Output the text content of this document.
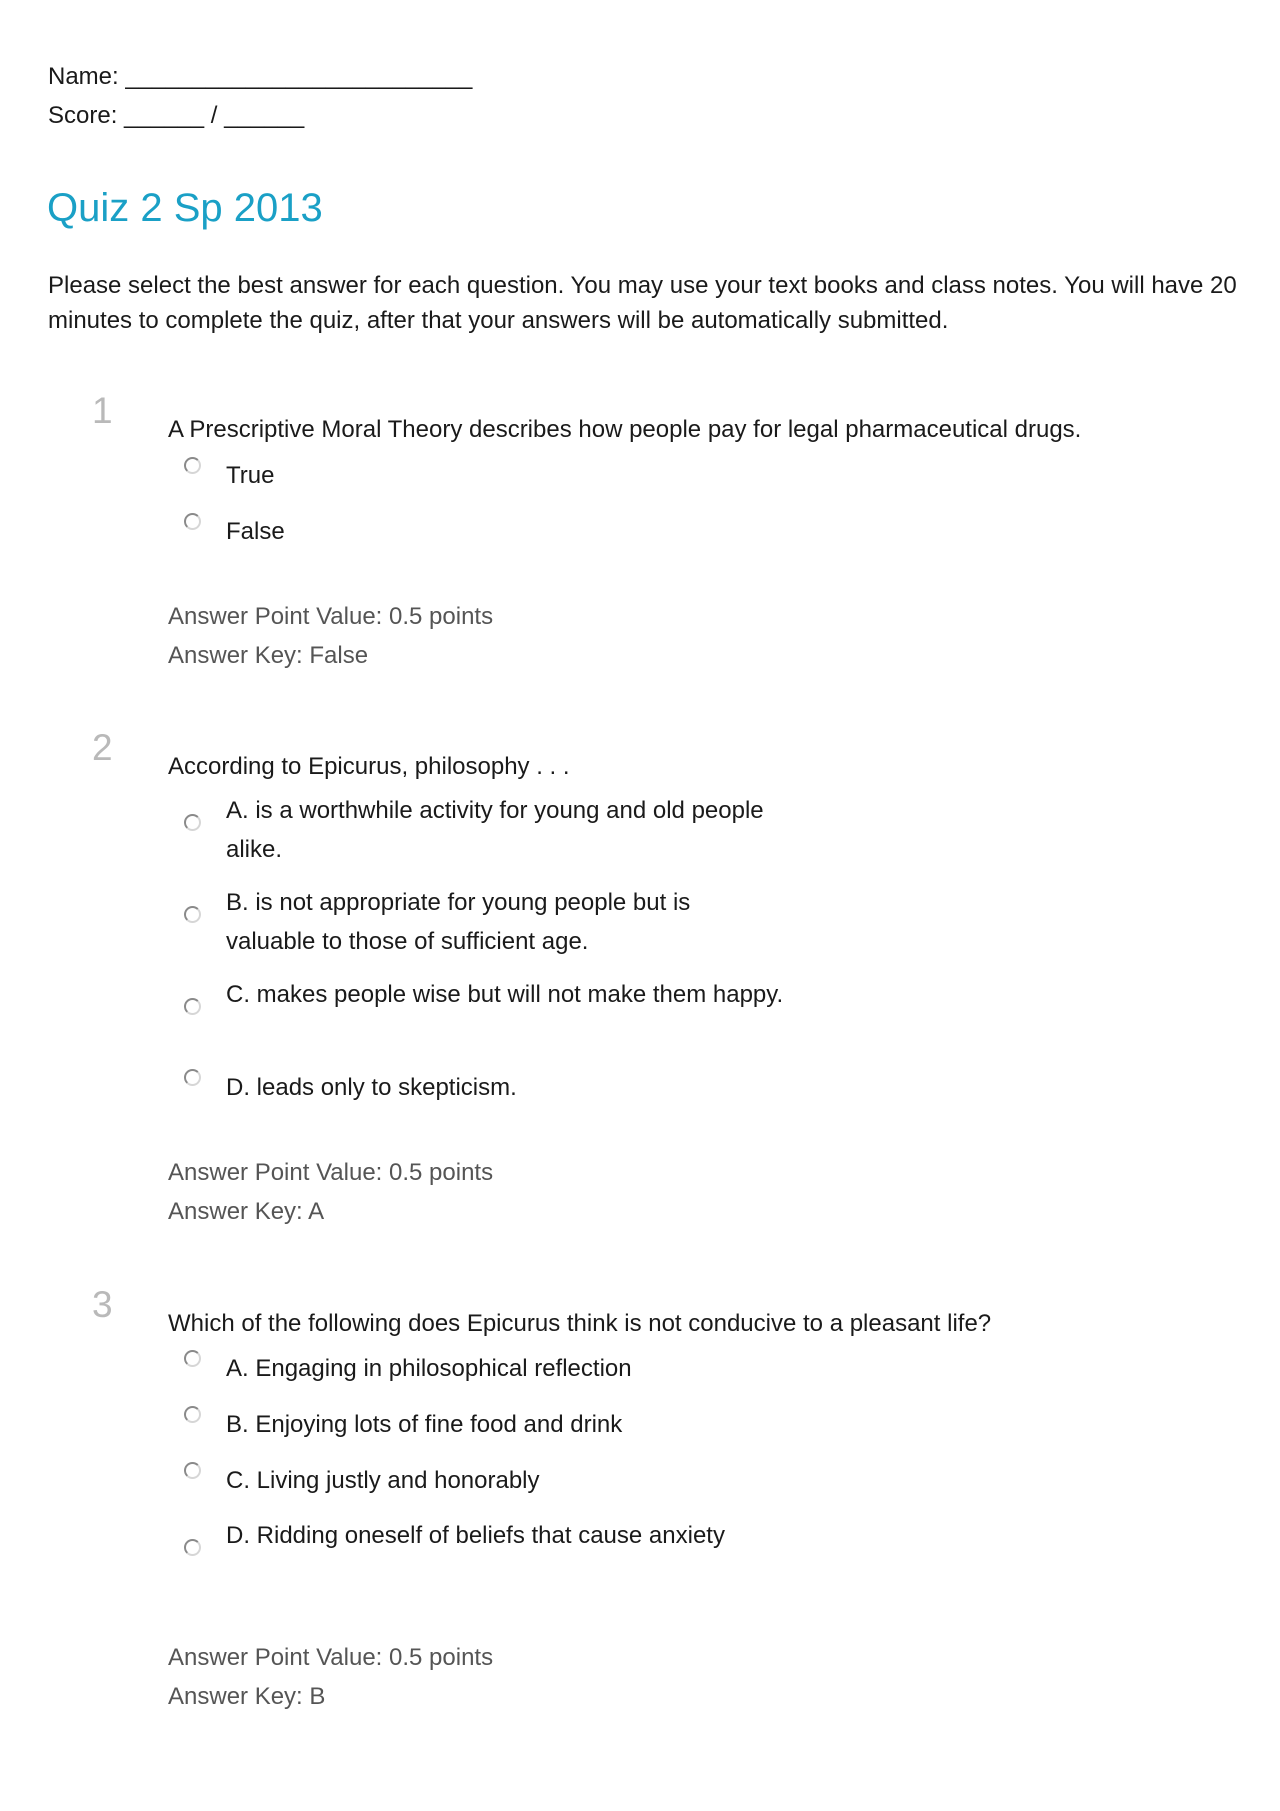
Name: __________________________
Score: ______ / ______
Quiz 2 Sp 2013

Please select the best answer for each question. You may use your text books and class notes. You will have 20 minutes to complete the quiz, after that your answers will be automatically submitted.

1 A Prescriptive Moral Theory describes how people pay for legal pharmaceutical drugs.
True
False
Answer Point Value: 0.5 points
Answer Key: False
2 According to Epicurus, philosophy . . .
A. is a worthwhile activity for young and old people alike.
B. is not appropriate for young people but is valuable to those of sufficient age.
C. makes people wise but will not make them happy.
D. leads only to skepticism.
Answer Point Value: 0.5 points
Answer Key: A
3 Which of the following does Epicurus think is not conducive to a pleasant life?
A. Engaging in philosophical reflection
B. Enjoying lots of fine food and drink
C. Living justly and honorably
D. Ridding oneself of beliefs that cause anxiety
Answer Point Value: 0.5 points
Answer Key: B
